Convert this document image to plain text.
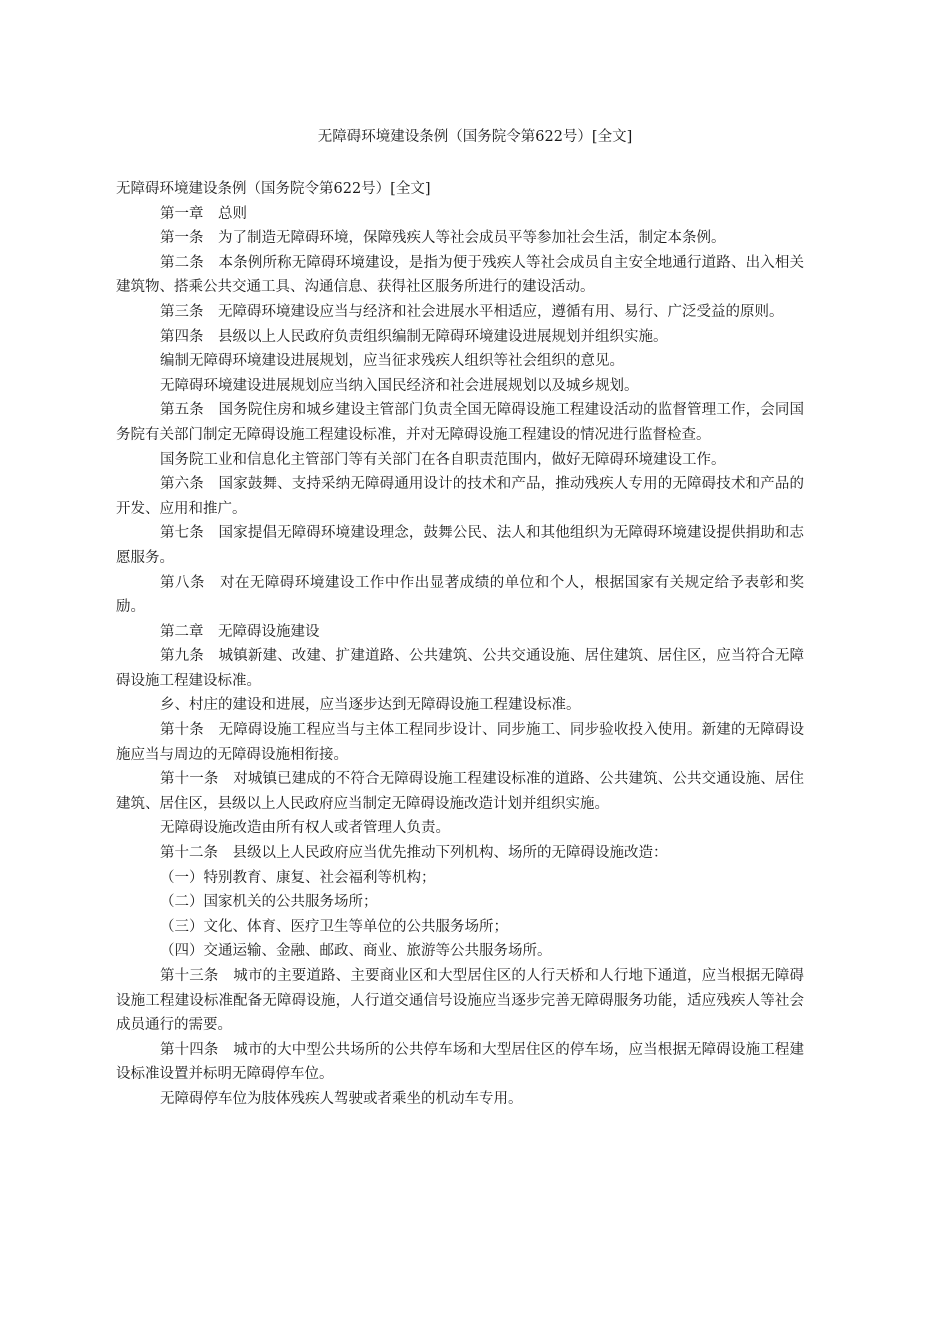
无障碍环境建设条例（国务院令第622号）[全文]

无障碍环境建设条例（国务院令第622号）[全文]

第一章　总则

第一条　为了制造无障碍环境，保障残疾人等社会成员平等参加社会生活，制定本条例。

第二条　本条例所称无障碍环境建设，是指为便于残疾人等社会成员自主安全地通行道路、出入相关建筑物、搭乘公共交通工具、沟通信息、获得社区服务所进行的建设活动。

第三条　无障碍环境建设应当与经济和社会进展水平相适应，遵循有用、易行、广泛受益的原则。

第四条　县级以上人民政府负责组织编制无障碍环境建设进展规划并组织实施。

编制无障碍环境建设进展规划，应当征求残疾人组织等社会组织的意见。

无障碍环境建设进展规划应当纳入国民经济和社会进展规划以及城乡规划。

第五条　国务院住房和城乡建设主管部门负责全国无障碍设施工程建设活动的监督管理工作，会同国务院有关部门制定无障碍设施工程建设标准，并对无障碍设施工程建设的情况进行监督检查。

国务院工业和信息化主管部门等有关部门在各自职责范围内，做好无障碍环境建设工作。

第六条　国家鼓舞、支持采纳无障碍通用设计的技术和产品，推动残疾人专用的无障碍技术和产品的开发、应用和推广。

第七条　国家提倡无障碍环境建设理念，鼓舞公民、法人和其他组织为无障碍环境建设提供捐助和志愿服务。

第八条　对在无障碍环境建设工作中作出显著成绩的单位和个人，根据国家有关规定给予表彰和奖励。

第二章　无障碍设施建设

第九条　城镇新建、改建、扩建道路、公共建筑、公共交通设施、居住建筑、居住区，应当符合无障碍设施工程建设标准。

乡、村庄的建设和进展，应当逐步达到无障碍设施工程建设标准。

第十条　无障碍设施工程应当与主体工程同步设计、同步施工、同步验收投入使用。新建的无障碍设施应当与周边的无障碍设施相衔接。

第十一条　对城镇已建成的不符合无障碍设施工程建设标准的道路、公共建筑、公共交通设施、居住建筑、居住区，县级以上人民政府应当制定无障碍设施改造计划并组织实施。

无障碍设施改造由所有权人或者管理人负责。

第十二条　县级以上人民政府应当优先推动下列机构、场所的无障碍设施改造：

（一）特别教育、康复、社会福利等机构；

（二）国家机关的公共服务场所；

（三）文化、体育、医疗卫生等单位的公共服务场所；

（四）交通运输、金融、邮政、商业、旅游等公共服务场所。

第十三条　城市的主要道路、主要商业区和大型居住区的人行天桥和人行地下通道，应当根据无障碍设施工程建设标准配备无障碍设施，人行道交通信号设施应当逐步完善无障碍服务功能，适应残疾人等社会成员通行的需要。

第十四条　城市的大中型公共场所的公共停车场和大型居住区的停车场，应当根据无障碍设施工程建设标准设置并标明无障碍停车位。

无障碍停车位为肢体残疾人驾驶或者乘坐的机动车专用。
